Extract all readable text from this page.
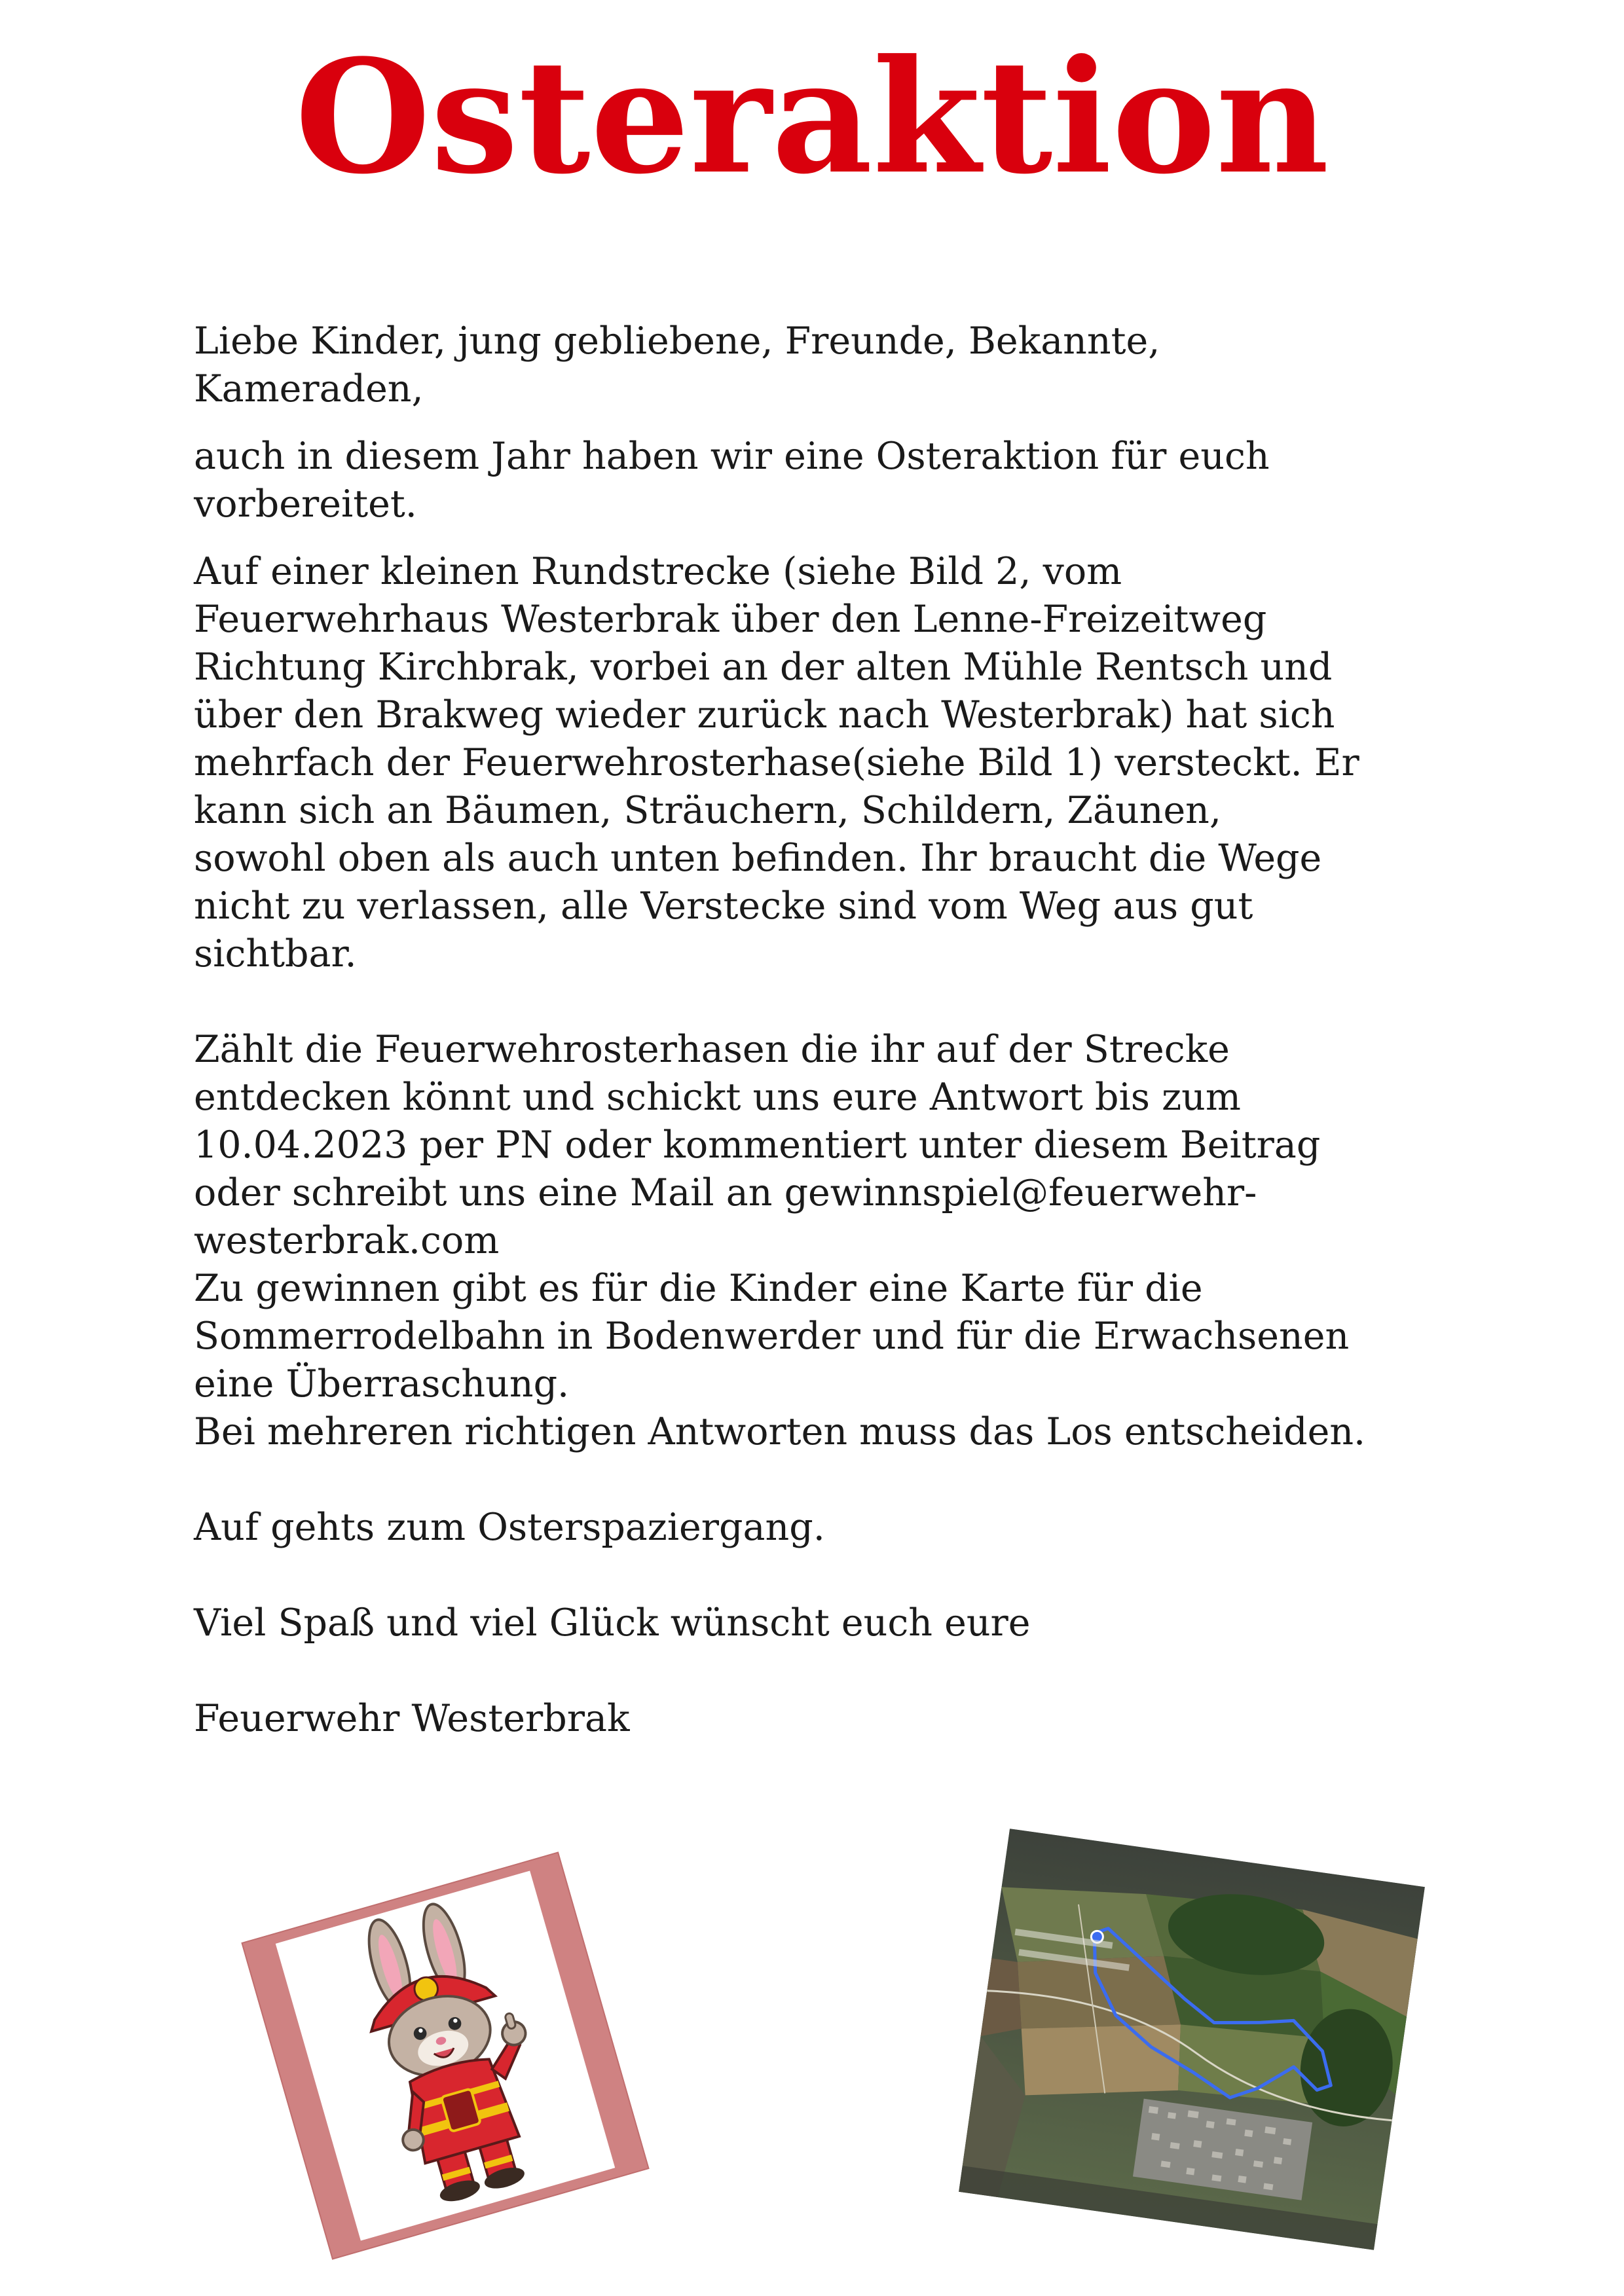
Osteraktion

Liebe Kinder, jung gebliebene, Freunde, Bekannte,
Kameraden,

auch in diesem Jahr haben wir eine Osteraktion für euch
vorbereitet.

Auf einer kleinen Rundstrecke (siehe Bild 2, vom
Feuerwehrhaus Westerbrak über den Lenne-Freizeitweg
Richtung Kirchbrak, vorbei an der alten Mühle Rentsch und
über den Brakweg wieder zurück nach Westerbrak) hat sich
mehrfach der Feuerwehrosterhase(siehe Bild 1) versteckt. Er
kann sich an Bäumen, Sträuchern, Schildern, Zäunen,
sowohl oben als auch unten befinden. Ihr braucht die Wege
nicht zu verlassen, alle Verstecke sind vom Weg aus gut
sichtbar.

Zählt die Feuerwehrosterhasen die ihr auf der Strecke
entdecken könnt und schickt uns eure Antwort bis zum
10.04.2023 per PN oder kommentiert unter diesem Beitrag
oder schreibt uns eine Mail an gewinnspiel@feuerwehr-
westerbrak.com
Zu gewinnen gibt es für die Kinder eine Karte für die
Sommerrodelbahn in Bodenwerder und für die Erwachsenen
eine Überraschung.
Bei mehreren richtigen Antworten muss das Los entscheiden.

Auf gehts zum Osterspaziergang.

Viel Spaß und viel Glück wünscht euch eure

Feuerwehr Westerbrak
